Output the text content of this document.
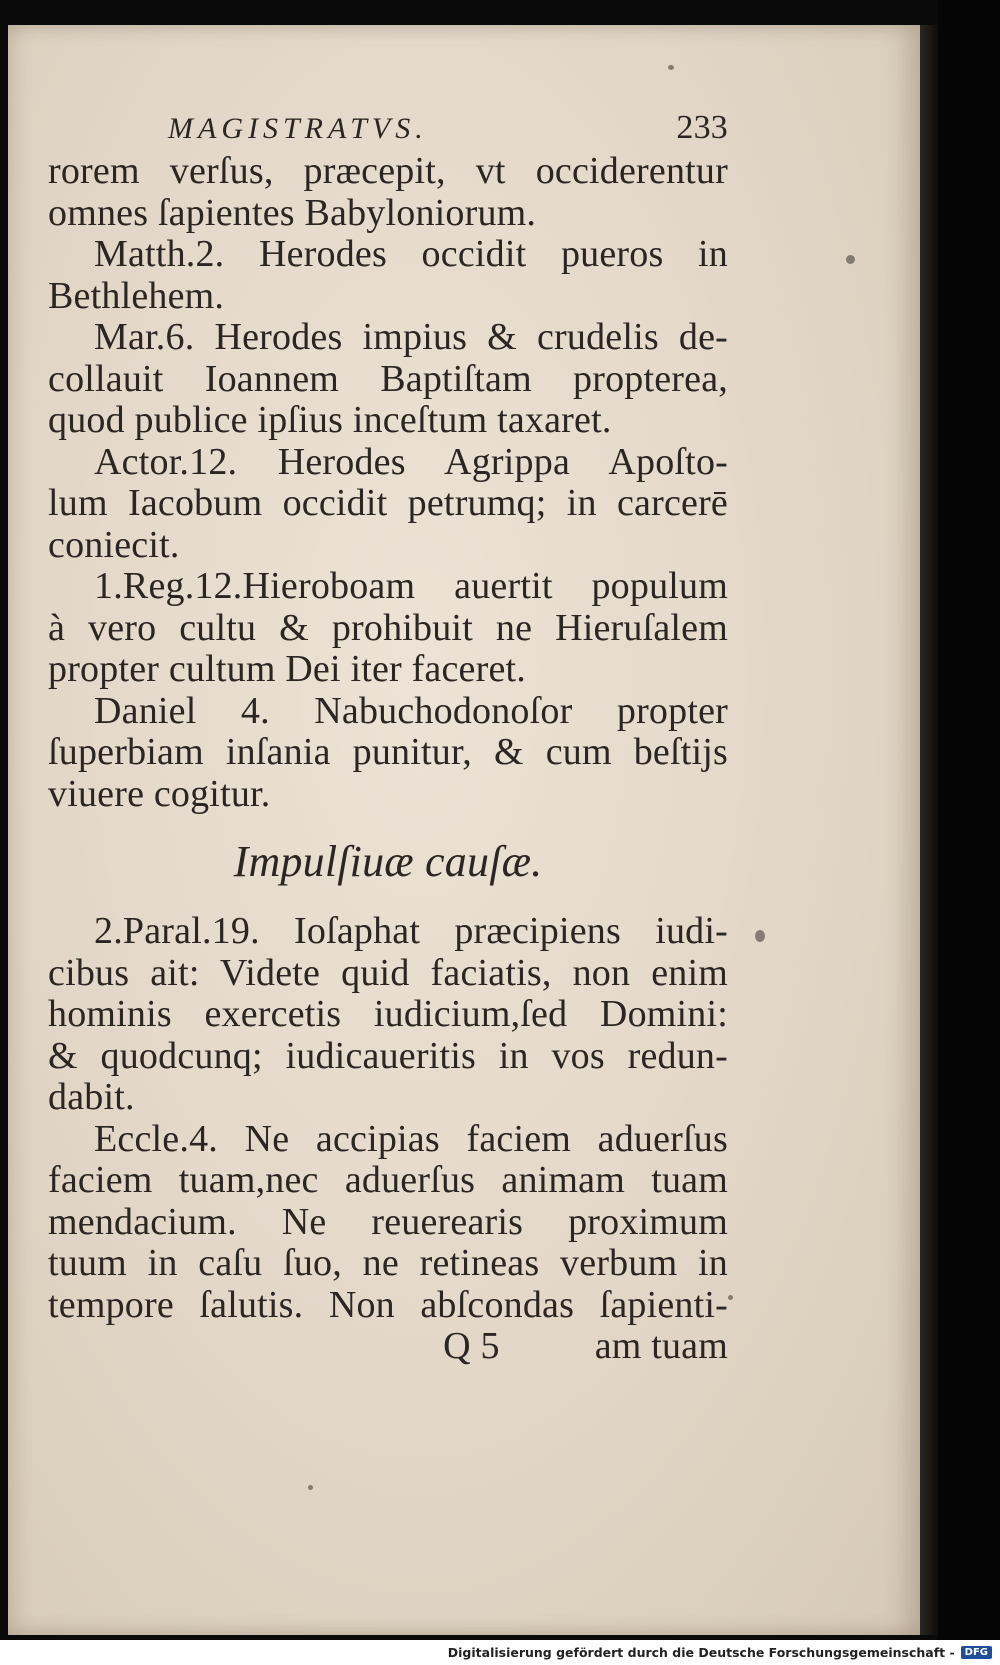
MAGISTRATVS.	233
rorem verſus, præcepit, vt occiderentur
omnes ſapientes Babyloniorum.
Matth.2. Herodes occidit pueros in
Bethlehem.
Mar.6. Herodes impius & crudelis de-
collauit Ioannem Baptiſtam propterea,
quod publice ipſius inceſtum taxaret.
Actor.12. Herodes Agrippa Apoſto-
lum Iacobum occidit petrumq; in carcerē
coniecit.
1.Reg.12.Hieroboam auertit populum
à vero cultu & prohibuit ne Hieruſalem
propter cultum Dei iter faceret.
Daniel 4. Nabuchodonoſor propter
ſuperbiam inſania punitur, & cum beſtijs
viuere cogitur.
Impulſiuæ cauſæ.
2.Paral.19. Ioſaphat præcipiens iudi-
cibus ait: Videte quid faciatis, non enim
hominis exercetis iudicium,ſed Domini:
& quodcunq; iudicaueritis in vos redun-
dabit.
Eccle.4. Ne accipias faciem aduerſus
faciem tuam,nec aduerſus animam tuam
mendacium. Ne reuerearis proximum
tuum in caſu ſuo, ne retineas verbum in
tempore ſalutis. Non abſcondas ſapienti-
Q 5	am tuam
Digitalisierung gefördert durch die Deutsche Forschungsgemeinschaft -	DFG
